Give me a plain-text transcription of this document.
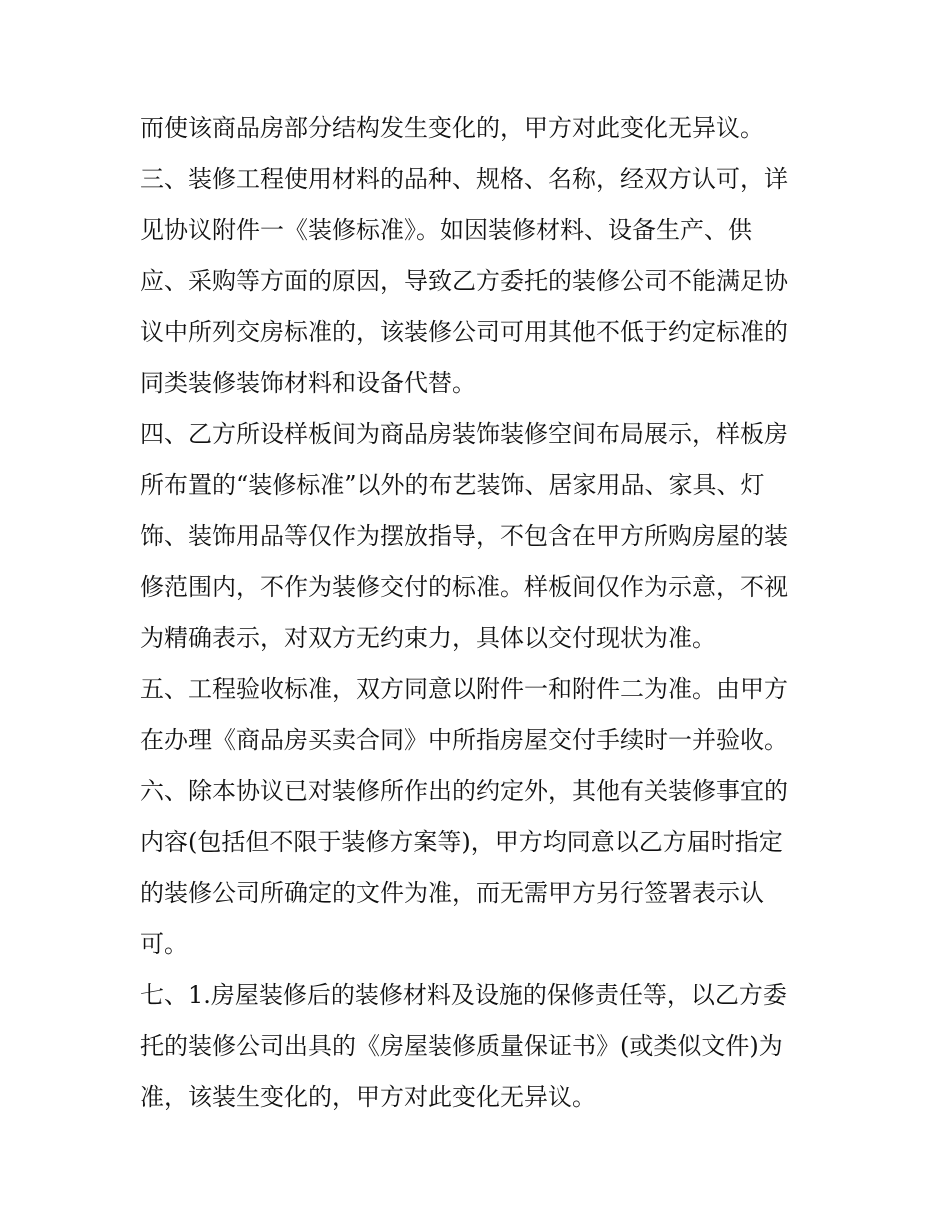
而使该商品房部分结构发生变化的，甲方对此变化无异议。
三、装修工程使用材料的品种、规格、名称，经双方认可，详
见协议附件一《装修标准》。如因装修材料、设备生产、供
应、采购等方面的原因，导致乙方委托的装修公司不能满足协
议中所列交房标准的，该装修公司可用其他不低于约定标准的
同类装修装饰材料和设备代替。
四、乙方所设样板间为商品房装饰装修空间布局展示，样板房
所布置的“装修标准”以外的布艺装饰、居家用品、家具、灯
饰、装饰用品等仅作为摆放指导，不包含在甲方所购房屋的装
修范围内，不作为装修交付的标准。样板间仅作为示意，不视
为精确表示，对双方无约束力，具体以交付现状为准。
五、工程验收标准，双方同意以附件一和附件二为准。由甲方
在办理《商品房买卖合同》中所指房屋交付手续时一并验收。
六、除本协议已对装修所作出的约定外，其他有关装修事宜的
内容(包括但不限于装修方案等)，甲方均同意以乙方届时指定
的装修公司所确定的文件为准，而无需甲方另行签署表示认
可。
七、1.房屋装修后的装修材料及设施的保修责任等，以乙方委
托的装修公司出具的《房屋装修质量保证书》(或类似文件)为
准，该装生变化的，甲方对此变化无异议。
